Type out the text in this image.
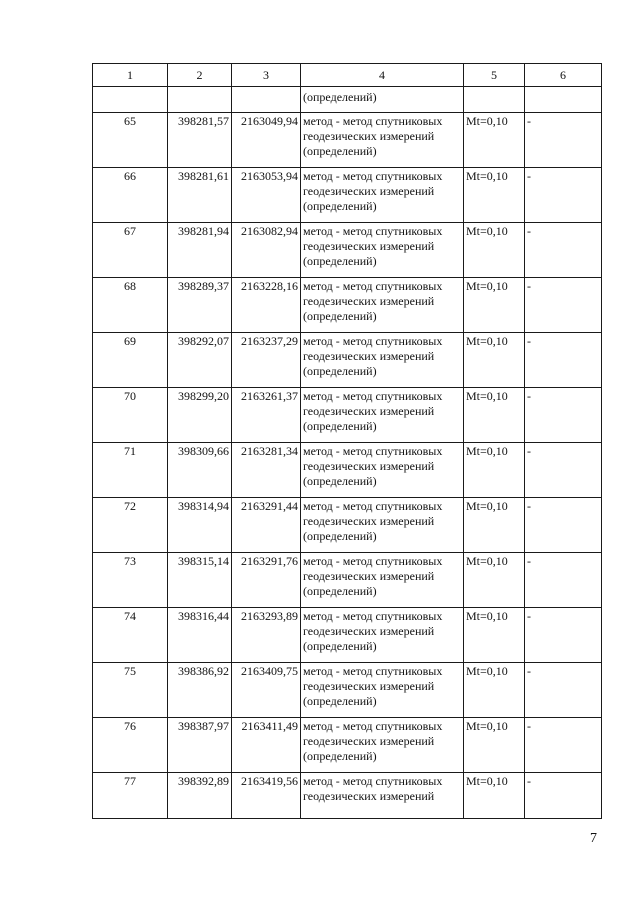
1	2	3	4	5	6

			(определений)		

65	398281,57	2163049,94	метод - метод спутниковых
геодезических измерений
(определений)	Mt=0,10	-
66	398281,61	2163053,94	метод - метод спутниковых
геодезических измерений
(определений)	Mt=0,10	-
67	398281,94	2163082,94	метод - метод спутниковых
геодезических измерений
(определений)	Mt=0,10	-
68	398289,37	2163228,16	метод - метод спутниковых
геодезических измерений
(определений)	Mt=0,10	-
69	398292,07	2163237,29	метод - метод спутниковых
геодезических измерений
(определений)	Mt=0,10	-
70	398299,20	2163261,37	метод - метод спутниковых
геодезических измерений
(определений)	Mt=0,10	-
71	398309,66	2163281,34	метод - метод спутниковых
геодезических измерений
(определений)	Mt=0,10	-
72	398314,94	2163291,44	метод - метод спутниковых
геодезических измерений
(определений)	Mt=0,10	-
73	398315,14	2163291,76	метод - метод спутниковых
геодезических измерений
(определений)	Mt=0,10	-
74	398316,44	2163293,89	метод - метод спутниковых
геодезических измерений
(определений)	Mt=0,10	-
75	398386,92	2163409,75	метод - метод спутниковых
геодезических измерений
(определений)	Mt=0,10	-
76	398387,97	2163411,49	метод - метод спутниковых
геодезических измерений
(определений)	Mt=0,10	-
77	398392,89	2163419,56	метод - метод спутниковых
геодезических измерений	Mt=0,10	-
7
